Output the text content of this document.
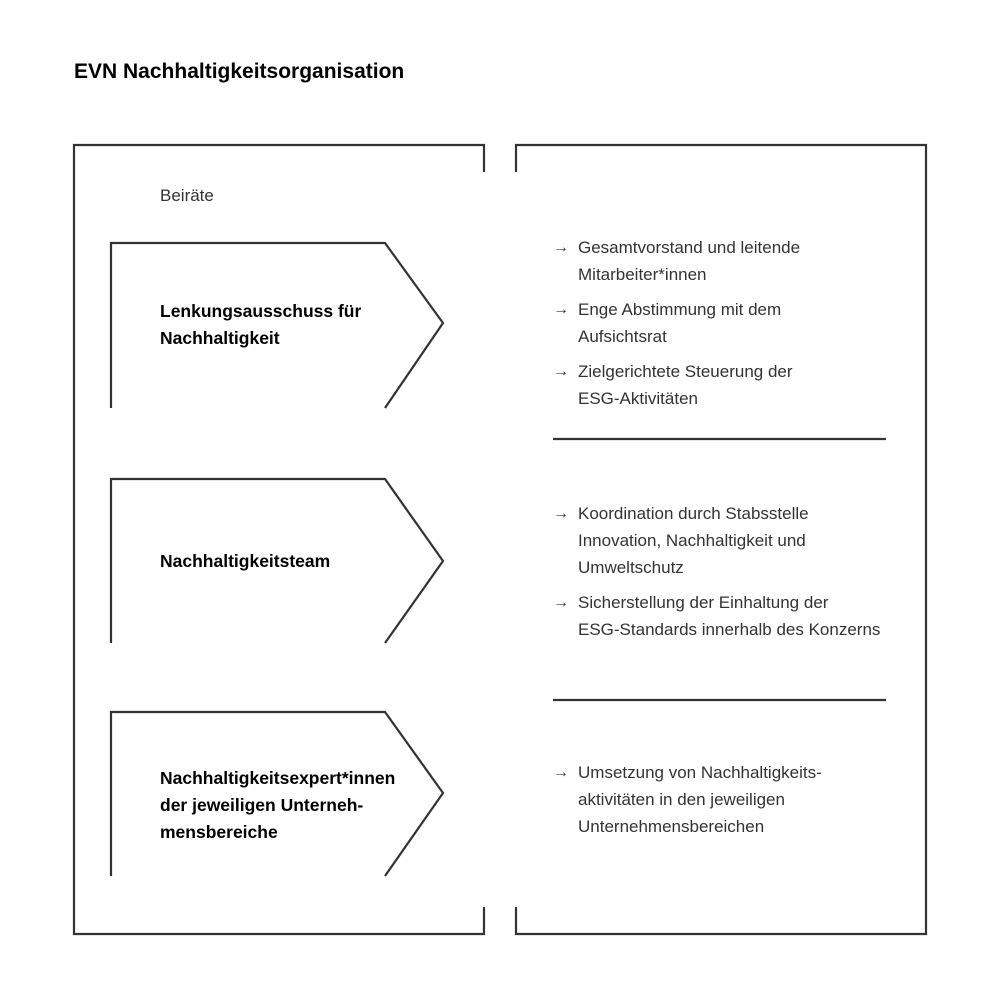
EVN Nachhaltigkeitsorganisation
Beiräte
Lenkungsausschuss für
Nachhaltigkeit
→ Gesamtvorstand und leitende
Mitarbeiter*innen
→ Enge Abstimmung mit dem
Aufsichtsrat
→ Zielgerichtete Steuerung der
ESG-Aktivitäten
Nachhaltigkeitsteam
→ Koordination durch Stabsstelle
Innovation, Nachhaltigkeit und
Umweltschutz
→ Sicherstellung der Einhaltung der
ESG-Standards innerhalb des Konzerns
Nachhaltigkeitsexpert*innen
der jeweiligen Unterneh-
mensbereiche
→ Umsetzung von Nachhaltigkeits-
aktivitäten in den jeweiligen
Unternehmensbereichen
